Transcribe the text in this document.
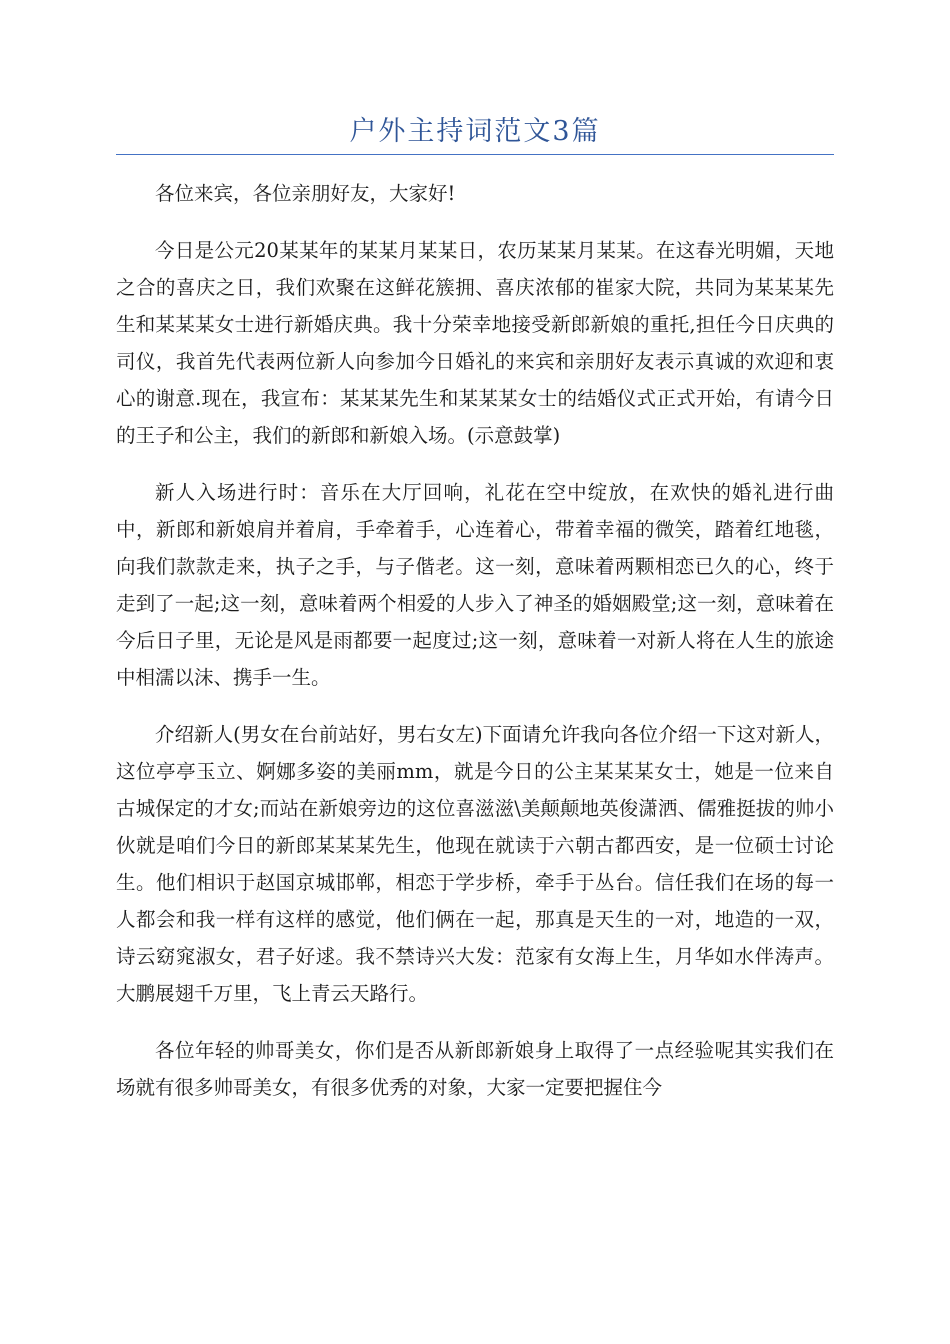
户外主持词范文3篇

各位来宾，各位亲朋好友，大家好!

今日是公元20某某年的某某月某某日，农历某某月某某。在这春光明媚，天地之合的喜庆之日，我们欢聚在这鲜花簇拥、喜庆浓郁的崔家大院，共同为某某某先生和某某某女士进行新婚庆典。我十分荣幸地接受新郎新娘的重托,担任今日庆典的司仪，我首先代表两位新人向参加今日婚礼的来宾和亲朋好友表示真诚的欢迎和衷心的谢意.现在，我宣布：某某某先生和某某某女士的结婚仪式正式开始，有请今日的王子和公主，我们的新郎和新娘入场。(示意鼓掌)

新人入场进行时：音乐在大厅回响，礼花在空中绽放，在欢快的婚礼进行曲中，新郎和新娘肩并着肩，手牵着手，心连着心，带着幸福的微笑，踏着红地毯，向我们款款走来，执子之手，与子偕老。这一刻，意味着两颗相恋已久的心，终于走到了一起;这一刻，意味着两个相爱的人步入了神圣的婚姻殿堂;这一刻，意味着在今后日子里，无论是风是雨都要一起度过;这一刻，意味着一对新人将在人生的旅途中相濡以沫、携手一生。

介绍新人(男女在台前站好，男右女左)下面请允许我向各位介绍一下这对新人，这位亭亭玉立、婀娜多姿的美丽mm，就是今日的公主某某某女士，她是一位来自古城保定的才女;而站在新娘旁边的这位喜滋滋\美颠颠地英俊潇洒、儒雅挺拔的帅小伙就是咱们今日的新郎某某某先生，他现在就读于六朝古都西安，是一位硕士讨论生。他们相识于赵国京城邯郸，相恋于学步桥，牵手于丛台。信任我们在场的每一人都会和我一样有这样的感觉，他们俩在一起，那真是天生的一对，地造的一双，诗云窈窕淑女，君子好逑。我不禁诗兴大发：范家有女海上生，月华如水伴涛声。大鹏展翅千万里，飞上青云天路行。

各位年轻的帅哥美女，你们是否从新郎新娘身上取得了一点经验呢其实我们在场就有很多帅哥美女，有很多优秀的对象，大家一定要把握住今
